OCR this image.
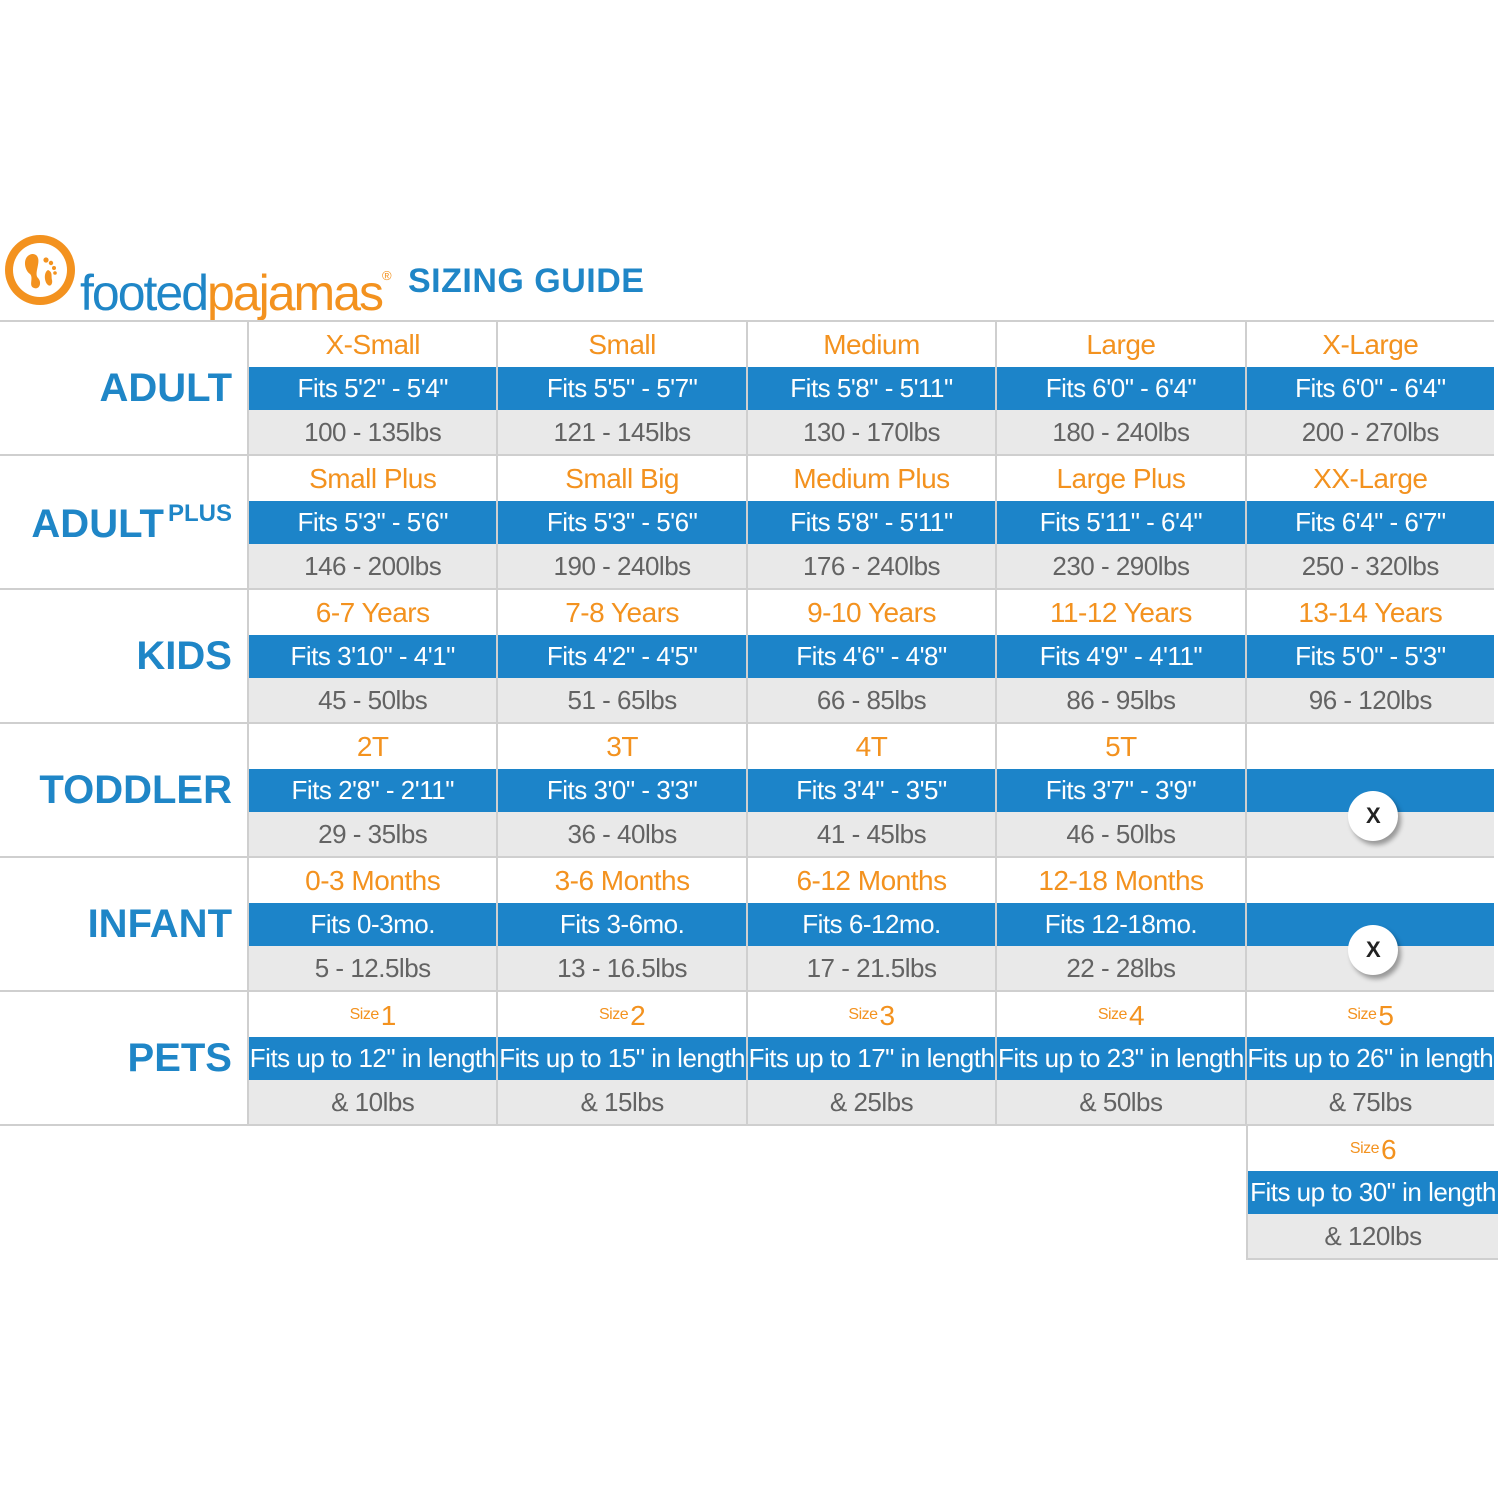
footedpajamas® SIZING GUIDE
ADULT
X-Small
Fits 5'2" - 5'4"
100 - 135lbs
Small
Fits 5'5" - 5'7"
121 - 145lbs
Medium
Fits 5'8" - 5'11"
130 - 170lbs
Large
Fits 6'0" - 6'4"
180 - 240lbs
X-Large
Fits 6'0" - 6'4"
200 - 270lbs
ADULT $^{PLUS}$
Small Plus
Fits 5'3" - 5'6"
146 - 200lbs
Small Big
Fits 5'3" - 5'6"
190 - 240lbs
Medium Plus
Fits 5'8" - 5'11"
176 - 240lbs
Large Plus
Fits 5'11" - 6'4"
230 - 290lbs
XX-Large
Fits 6'4" - 6'7"
250 - 320lbs
KIDS
6-7 Years
Fits 3'10" - 4'1"
45 - 50lbs
7-8 Years
Fits 4'2" - 4'5"
51 - 65lbs
9-10 Years
Fits 4'6" - 4'8"
66 - 85lbs
11-12 Years
Fits 4'9" - 4'11"
86 - 95lbs
13-14 Years
Fits 5'0" - 5'3"
96 - 120lbs
TODDLER
2T
Fits 2'8" - 2'11"
29 - 35lbs
3T
Fits 3'0" - 3'3"
36 - 40lbs
4T
Fits 3'4" - 3'5"
41 - 45lbs
5T
Fits 3'7" - 3'9"
46 - 50lbs
X
INFANT
0-3 Months
Fits 0-3mo.
5 - 12.5lbs
3-6 Months
Fits 3-6mo.
13 - 16.5lbs
6-12 Months
Fits 6-12mo.
17 - 21.5lbs
12-18 Months
Fits 12-18mo.
22 - 28lbs
X
PETS
$^{Size}$1
Fits up to 12" in length
& 10lbs
$^{Size}$2
Fits up to 15" in length
& 15lbs
$^{Size}$3
Fits up to 17" in length
& 25lbs
$^{Size}$4
Fits up to 23" in length
& 50lbs
$^{Size}$5
Fits up to 26" in length
& 75lbs
$^{Size}$6
Fits up to 30" in length
& 120lbs
